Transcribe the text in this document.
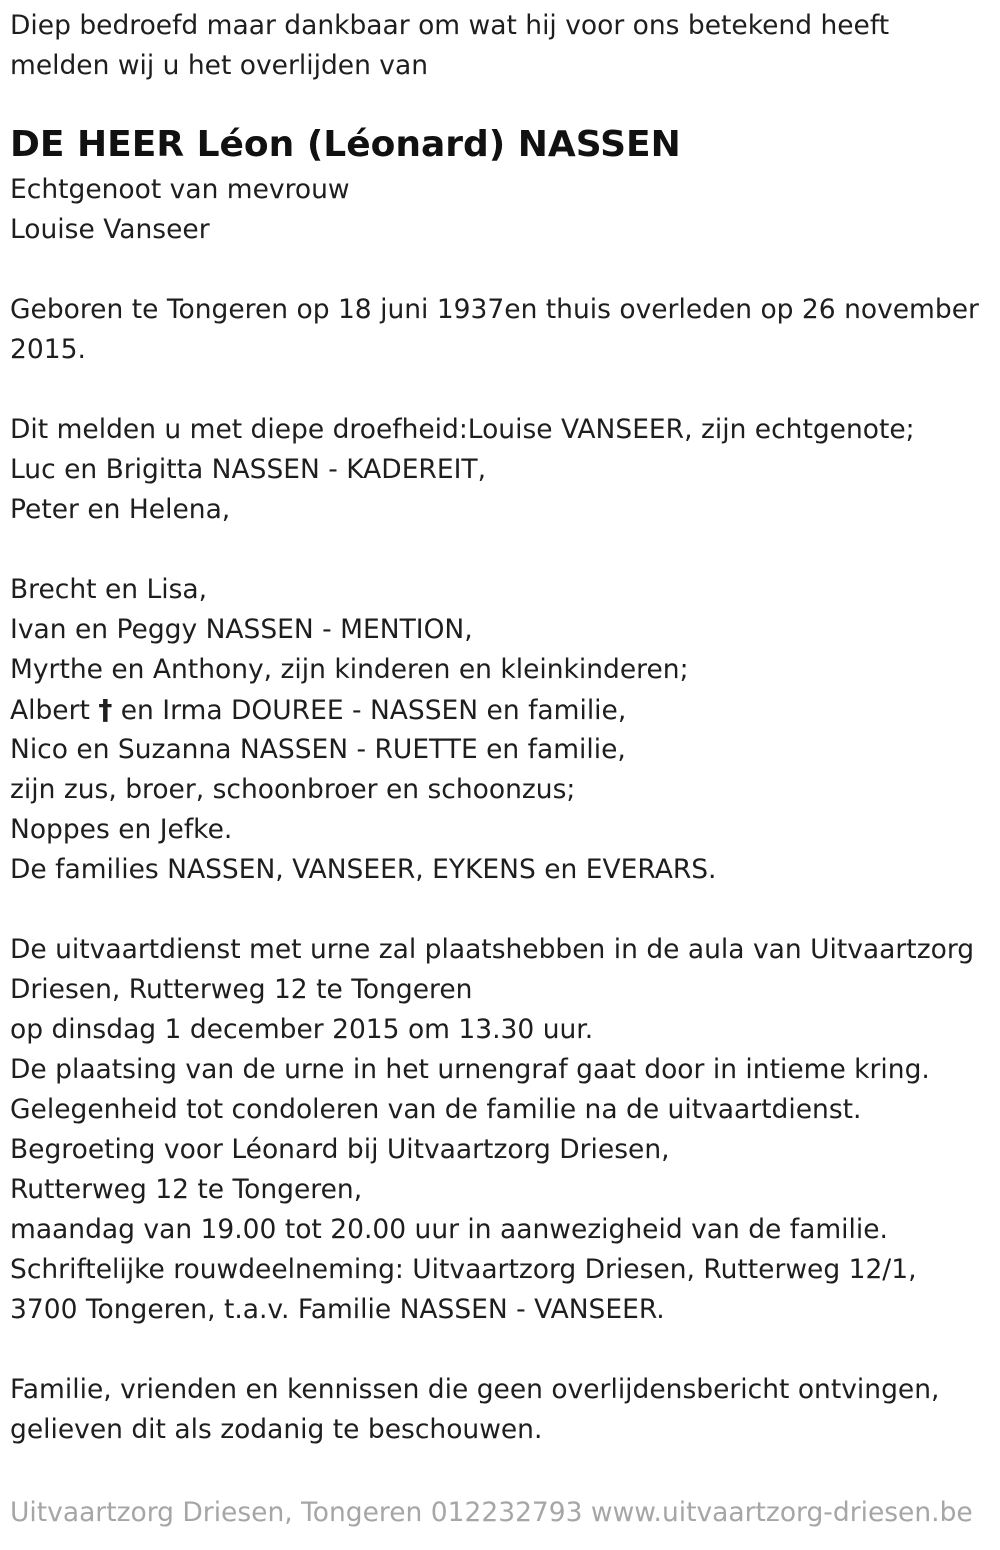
Diep bedroefd maar dankbaar om wat hij voor ons betekend heeft
melden wij u het overlijden van
DE HEER Léon (Léonard) NASSEN
Echtgenoot van mevrouw
Louise Vanseer
Geboren te Tongeren op 18 juni 1937en thuis overleden op 26 november
2015.
Dit melden u met diepe droefheid:Louise VANSEER, zijn echtgenote;
Luc en Brigitta NASSEN - KADEREIT,
Peter en Helena,
Brecht en Lisa,
Ivan en Peggy NASSEN - MENTION,
Myrthe en Anthony, zijn kinderen en kleinkinderen;
Albert † en Irma DOUREE - NASSEN en familie,
Nico en Suzanna NASSEN - RUETTE en familie,
zijn zus, broer, schoonbroer en schoonzus;
Noppes en Jefke.
De families NASSEN, VANSEER, EYKENS en EVERARS.
De uitvaartdienst met urne zal plaatshebben in de aula van Uitvaartzorg
Driesen, Rutterweg 12 te Tongeren
op dinsdag 1 december 2015 om 13.30 uur.
De plaatsing van de urne in het urnengraf gaat door in intieme kring.
Gelegenheid tot condoleren van de familie na de uitvaartdienst.
Begroeting voor Léonard bij Uitvaartzorg Driesen,
Rutterweg 12 te Tongeren,
maandag van 19.00 tot 20.00 uur in aanwezigheid van de familie.
Schriftelijke rouwdeelneming: Uitvaartzorg Driesen, Rutterweg 12/1,
3700 Tongeren, t.a.v. Familie NASSEN - VANSEER.
Familie, vrienden en kennissen die geen overlijdensbericht ontvingen,
gelieven dit als zodanig te beschouwen.
Uitvaartzorg Driesen, Tongeren 012232793 www.uitvaartzorg-driesen.be
